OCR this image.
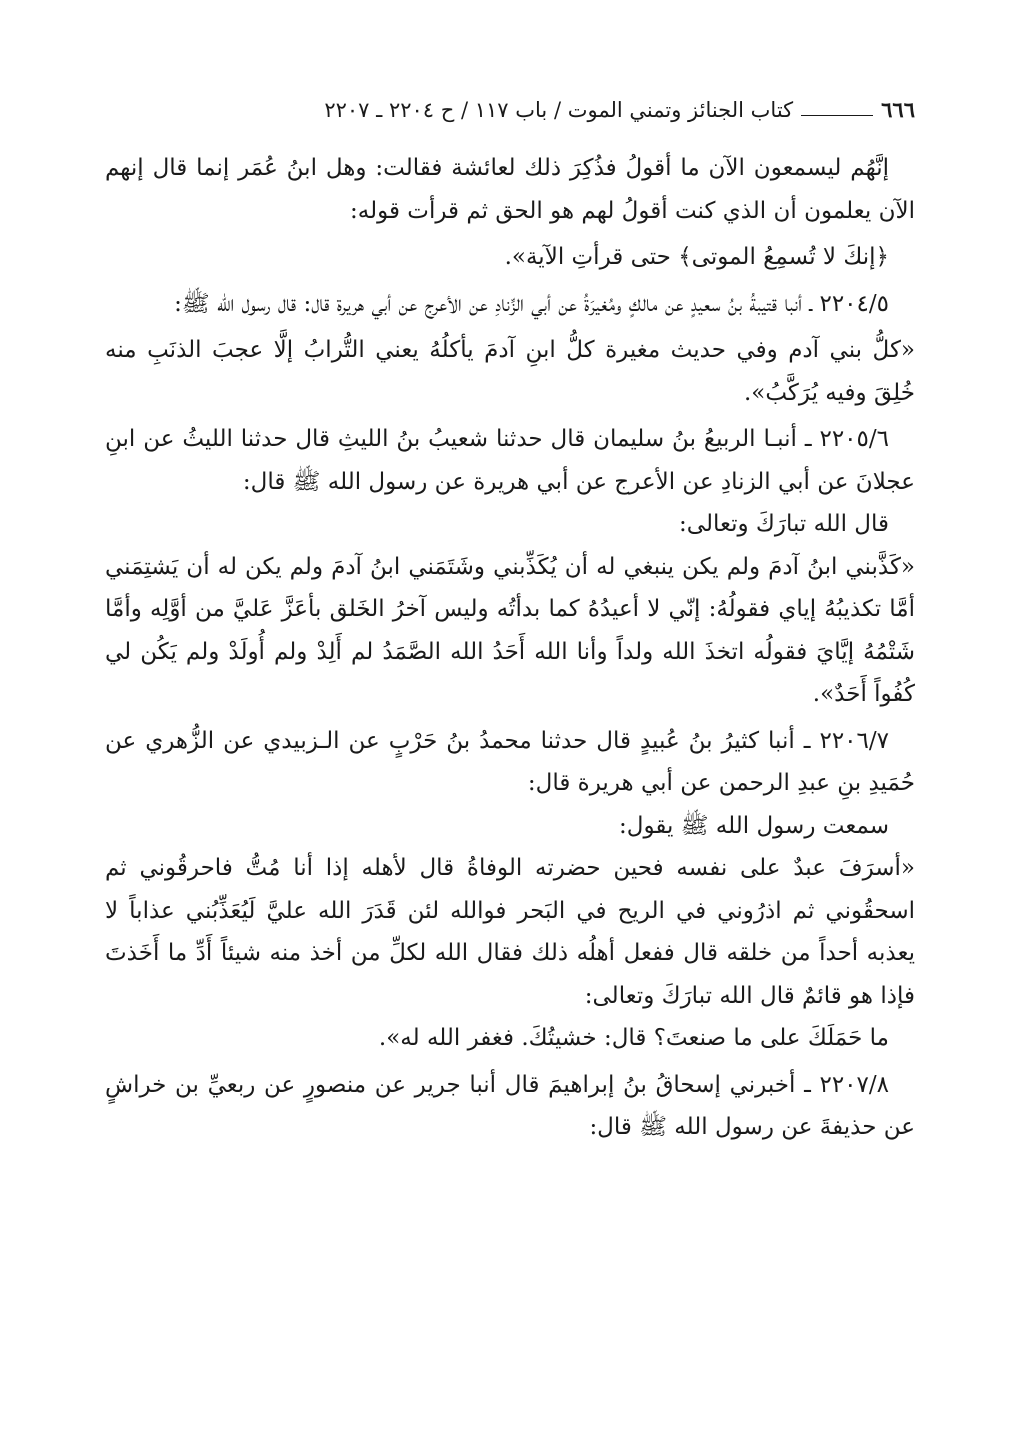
٦٦٦
كتاب الجنائز وتمني الموت / باب ١١٧ / ح ٢٢٠٤ ـ ٢٢٠٧

إنَّهُم ليسمعون الآن ما أقولُ فذُكِرَ ذلك لعائشة فقالت: وهل ابنُ عُمَر إنما قال إنهم الآن يعلمون أن الذي كنت أقولُ لهم هو الحق ثم قرأت قوله:

﴿إنكَ لا تُسمِعُ الموتى﴾ حتى قرأتِ الآية».

٢٢٠٤/٥ ـ أنبا قتيبةُ بنُ سعيدٍ عن مالكٍ ومُغيرَةُ عن أبي الزِّنادِ عن الأعرج عن أبي هريرة قال: قال رسول الله ﷺ:

«كلُّ بني آدم وفي حديث مغيرة كلُّ ابنِ آدمَ يأكلُهُ يعني التُّرابُ إلَّا عجبَ الذنَبِ منه خُلِقَ وفيه يُرَكَّبُ».

٢٢٠٥/٦ ـ أنبـا الربيعُ بنُ سليمان قال حدثنا شعيبُ بنُ الليثِ قال حدثنا الليثُ عن ابنِ عجلانَ عن أبي الزنادِ عن الأعرج عن أبي هريرة عن رسول الله ﷺ قال:

قال الله تبارَكَ وتعالى:

«كَذَّبني ابنُ آدمَ ولم يكن ينبغي له أن يُكَذِّبني وشَتَمَني ابنُ آدمَ ولم يكن له أن يَشتِمَني أمَّا تكذيبُهُ إياي فقولُهُ: إنّي لا أعيدُهُ كما بدأتُه وليس آخرُ الخَلق بأعَزَّ عَليَّ من أوَّلِه وأمَّا شَتْمُهُ إيَّايَ فقولُه اتخذَ الله ولداً وأنا الله أَحَدُ الله الصَّمَدُ لم أَلِدْ ولم أُولَدْ ولم يَكُن لي كُفُواً أَحَدٌ».

٢٢٠٦/٧ ـ أنبا كثيرُ بنُ عُبيدٍ قال حدثنا محمدُ بنُ حَرْبٍ عن الـزبيدي عن الزُّهري عن حُمَيدِ بنِ عبدِ الرحمن عن أبي هريرة قال:

سمعت رسول الله ﷺ يقول:

«أسرَفَ عبدٌ على نفسه فحين حضرته الوفاةُ قال لأهله إذا أنا مُتُّ فاحرقُوني ثم اسحقُوني ثم اذرُوني في الريح في البَحر فوالله لئن قَدَرَ الله عليَّ لَيُعَذِّبُني عذاباً لا يعذبه أحداً من خلقه قال ففعل أهلُه ذلك فقال الله لكلِّ من أخذ منه شيئاً أَدِّ ما أَخَذتَ فإذا هو قائمٌ قال الله تبارَكَ وتعالى:

ما حَمَلَكَ على ما صنعتَ؟ قال: خشيتُكَ. فغفر الله له».

٢٢٠٧/٨ ـ أخبرني إسحاقُ بنُ إبراهيمَ قال أنبا جرير عن منصورٍ عن ربعيِّ بن خراشٍ عن حذيفةَ عن رسول الله ﷺ قال:
